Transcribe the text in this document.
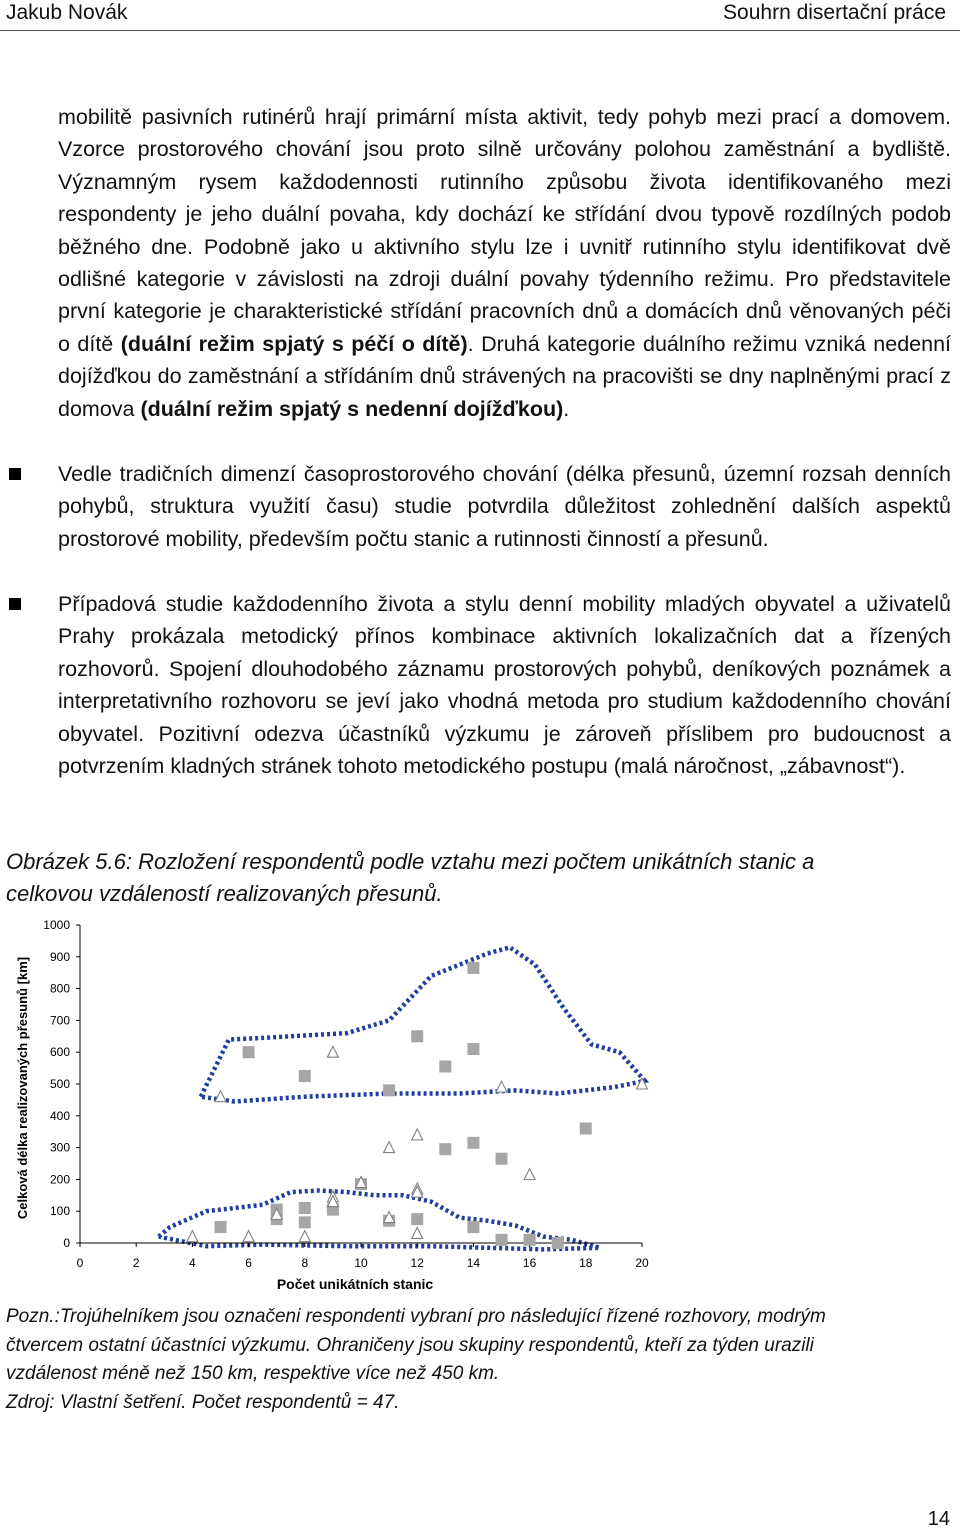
Jakub Novák	Souhrn disertační práce
mobilitě pasivních rutinérů hrají primární místa aktivit, tedy pohyb mezi prací a domovem. Vzorce prostorového chování jsou proto silně určovány polohou zaměstnání a bydliště. Významným rysem každodennosti rutinního způsobu života identifikovaného mezi respondenty je jeho duální povaha, kdy dochází ke střídání dvou typově rozdílných podob běžného dne. Podobně jako u aktivního stylu lze i uvnitř rutinního stylu identifikovat dvě odlišné kategorie v závislosti na zdroji duální povahy týdenního režimu. Pro představitele první kategorie je charakteristické střídání pracovních dnů a domácích dnů věnovaných péči o dítě (duální režim spjatý s péčí o dítě). Druhá kategorie duálního režimu vzniká nedenní dojížďkou do zaměstnání a střídáním dnů strávených na pracovišti se dny naplněnými prací z domova (duální režim spjatý s nedenní dojížďkou).
Vedle tradičních dimenzí časoprostorového chování (délka přesunů, územní rozsah denních pohybů, struktura využití času) studie potvrdila důležitost zohlednění dalších aspektů prostorové mobility, především počtu stanic a rutinnosti činností a přesunů.
Případová studie každodenního života a stylu denní mobility mladých obyvatel a uživatelů Prahy prokázala metodický přínos kombinace aktivních lokalizačních dat a řízených rozhovorů. Spojení dlouhodobého záznamu prostorových pohybů, deníkových poznámek a interpretativního rozhovoru se jeví jako vhodná metoda pro studium každodenního chování obyvatel. Pozitivní odezva účastníků výzkumu je zároveň příslibem pro budoucnost a potvrzením kladných stránek tohoto metodického postupu (malá náročnost, „zábavnost“).
Obrázek 5.6: Rozložení respondentů podle vztahu mezi počtem unikátních stanic a
celkovou vzdáleností realizovaných přesunů.
Počet unikátních stanic
Celková délka realizovaných přesunů [km]
0
100
200
300
400
500
600
700
800
900
1000
0	2	4	6	8	10	12	14	16	18	20
Pozn.:Trojúhelníkem jsou označeni respondenti vybraní pro následující řízené rozhovory, modrým
čtvercem ostatní účastníci výzkumu. Ohraničeny jsou skupiny respondentů, kteří za týden urazili
vzdálenost méně než 150 km, respektive více než 450 km.
Zdroj: Vlastní šetření. Počet respondentů = 47.
14
